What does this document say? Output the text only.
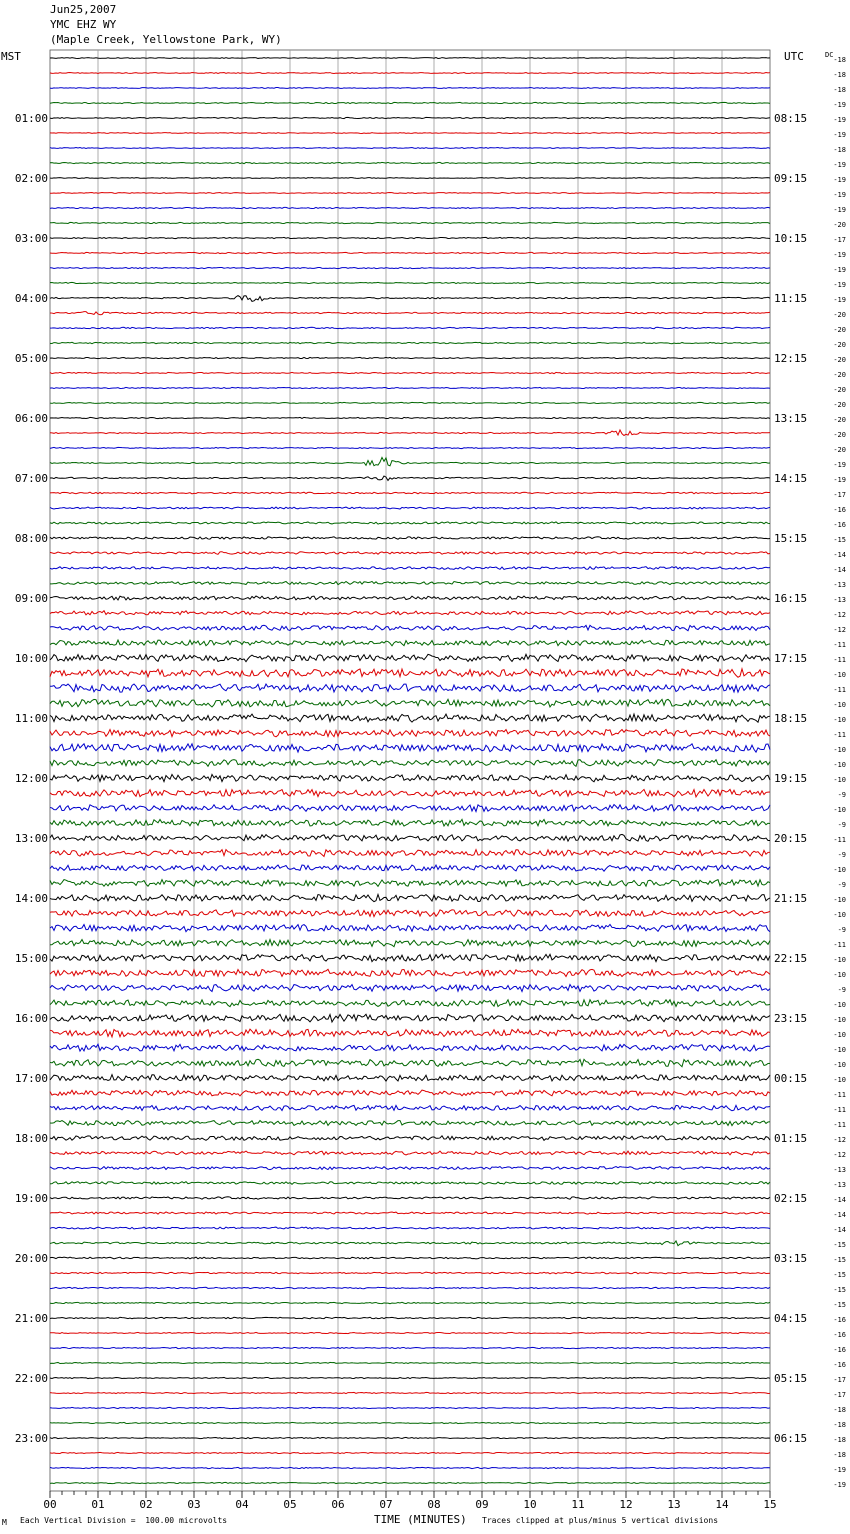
Jun25,2007
YMC EHZ WY
(Maple Creek, Yellowstone Park, WY)
MST	UTC	-18
-18
-18
-19
-19
-19
-18
-19
-19
-19
-19
-20
-17
-19
-19
-19
-19
-20
-20
-20
-20
-20
-20
-20
-20
-20
-20
-19
-19
-17
-16
-16
-15
-14
-14
-13
-13
-12
-12
-11
-11
-10
-11
-10
-10
-11
-10
-10
-10
-9
-10
-9
-11
-9
-10
-9
-10
-10
-9
-11
-10
-10
-9
-10
-10
-10
-10
-10
-10
-11
-11
-11
-12
-12
-13
-13
-14
-14
-14
-15
-15
-15
-15
-15
-16
-16
-16
-16
-17
-17
-18
-18
-18
-18
-19
-19
DC
01:00	08:15
02:00	09:15
03:00	10:15
04:00	11:15
05:00	12:15
06:00	13:15
07:00	14:15
08:00	15:15
09:00	16:15
10:00	17:15
11:00	18:15
12:00	19:15
13:00	20:15
14:00	21:15
15:00	22:15
16:00	23:15
17:00	00:15
18:00	01:15
19:00	02:15
20:00	03:15
21:00	04:15
22:00	05:15
23:00	06:15
00	01	02	03	04	05	06	07	08	09	10	11	12	13	14	15
M Each Vertical Division =  100.00 microvolts	TIME (MINUTES) Traces clipped at plus/minus 5 vertical divisions
